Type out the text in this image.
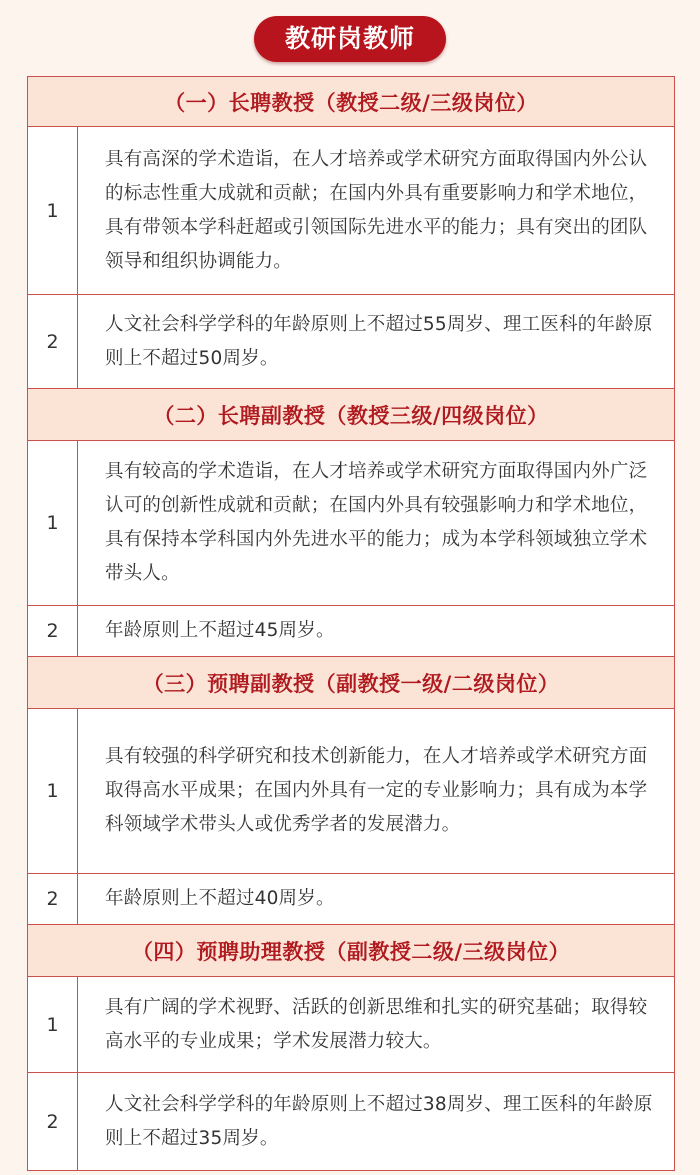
教研岗教师
（一）长聘教授（教授二级/三级岗位）	
1	具有高深的学术造诣，在人才培养或学术研究方面取得国内外公认的标志性重大成就和贡献；在国内外具有重要影响力和学术地位，具有带领本学科赶超或引领国际先进水平的能力；具有突出的团队领导和组织协调能力。
2	人文社会科学学科的年龄原则上不超过55周岁、理工医科的年龄原则上不超过50周岁。
（二）长聘副教授（教授三级/四级岗位）	
1	具有较高的学术造诣，在人才培养或学术研究方面取得国内外广泛认可的创新性成就和贡献；在国内外具有较强影响力和学术地位，具有保持本学科国内外先进水平的能力；成为本学科领域独立学术带头人。
2	年龄原则上不超过45周岁。
（三）预聘副教授（副教授一级/二级岗位）	
1	具有较强的科学研究和技术创新能力，在人才培养或学术研究方面取得高水平成果；在国内外具有一定的专业影响力；具有成为本学科领域学术带头人或优秀学者的发展潜力。
2	年龄原则上不超过40周岁。
（四）预聘助理教授（副教授二级/三级岗位）	
1	具有广阔的学术视野、活跃的创新思维和扎实的研究基础；取得较高水平的专业成果；学术发展潜力较大。
2	人文社会科学学科的年龄原则上不超过38周岁、理工医科的年龄原则上不超过35周岁。
